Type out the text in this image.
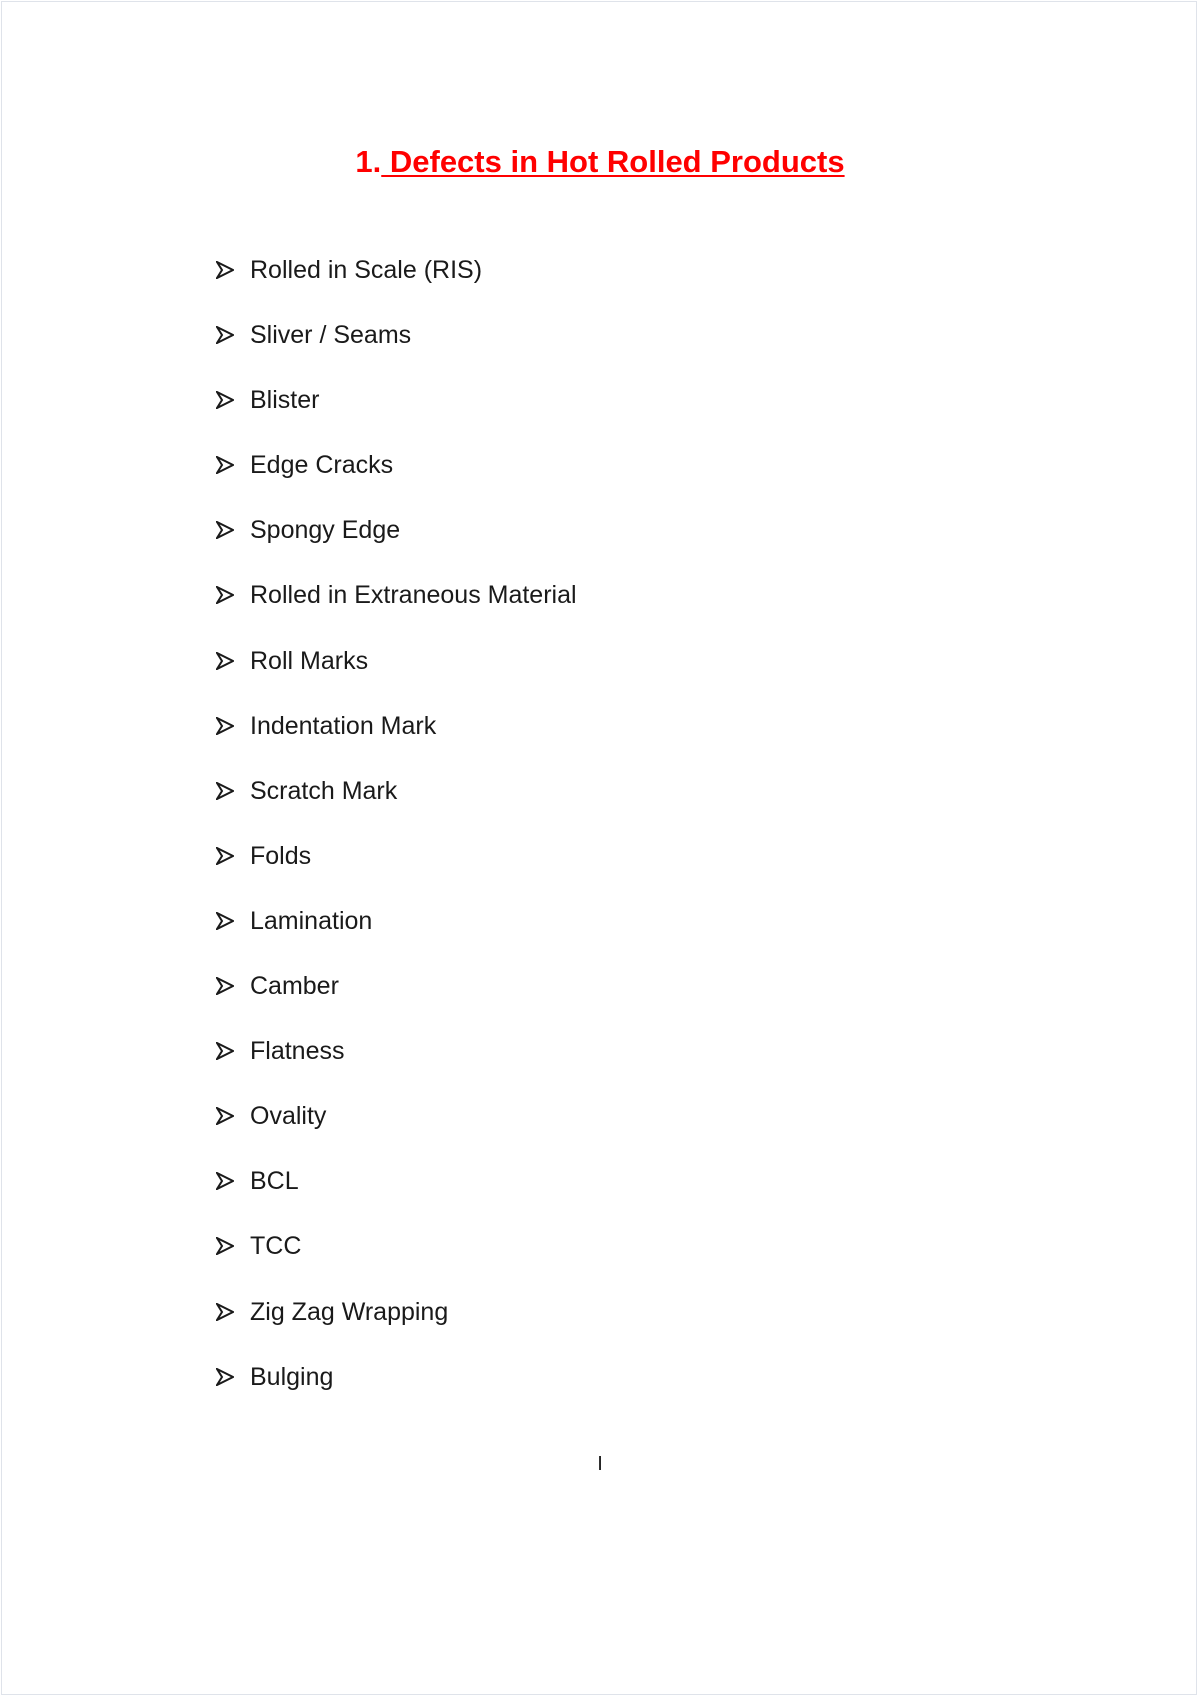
1. Defects in Hot Rolled Products
Rolled in Scale (RIS)
Sliver / Seams
Blister
Edge Cracks
Spongy Edge
Rolled in Extraneous Material
Roll Marks
Indentation Mark
Scratch Mark
Folds
Lamination
Camber
Flatness
Ovality
BCL
TCC
Zig Zag Wrapping
Bulging
I
